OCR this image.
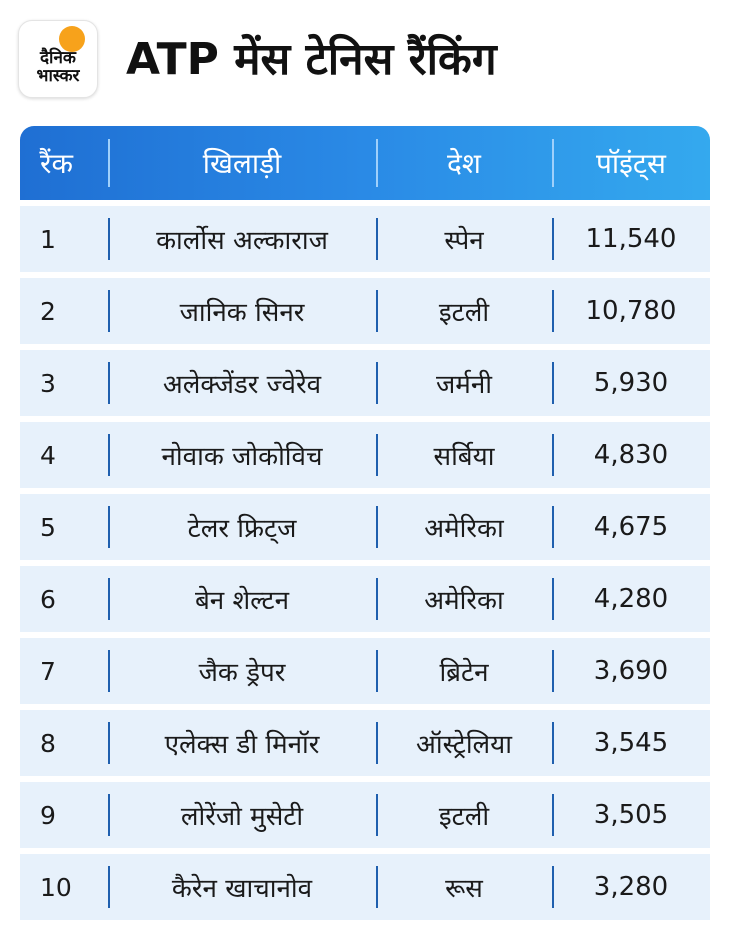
दैनिक
भास्कर	ATP मेंस टेनिस रैंकिंग
रैंक	खिलाड़ी	देश	पॉइंट्स
1	कार्लोस अल्काराज	स्पेन	11,540
2	जानिक सिनर	इटली	10,780
3	अलेक्जेंडर ज्वेरेव	जर्मनी	5,930
4	नोवाक जोकोविच	सर्बिया	4,830
5	टेलर फ्रिट्ज	अमेरिका	4,675
6	बेन शेल्टन	अमेरिका	4,280
7	जैक ड्रेपर	ब्रिटेन	3,690
8	एलेक्स डी मिनॉर	ऑस्ट्रेलिया	3,545
9	लोरेंजो मुसेटी	इटली	3,505
10	कैरेन खाचानोव	रूस	3,280
